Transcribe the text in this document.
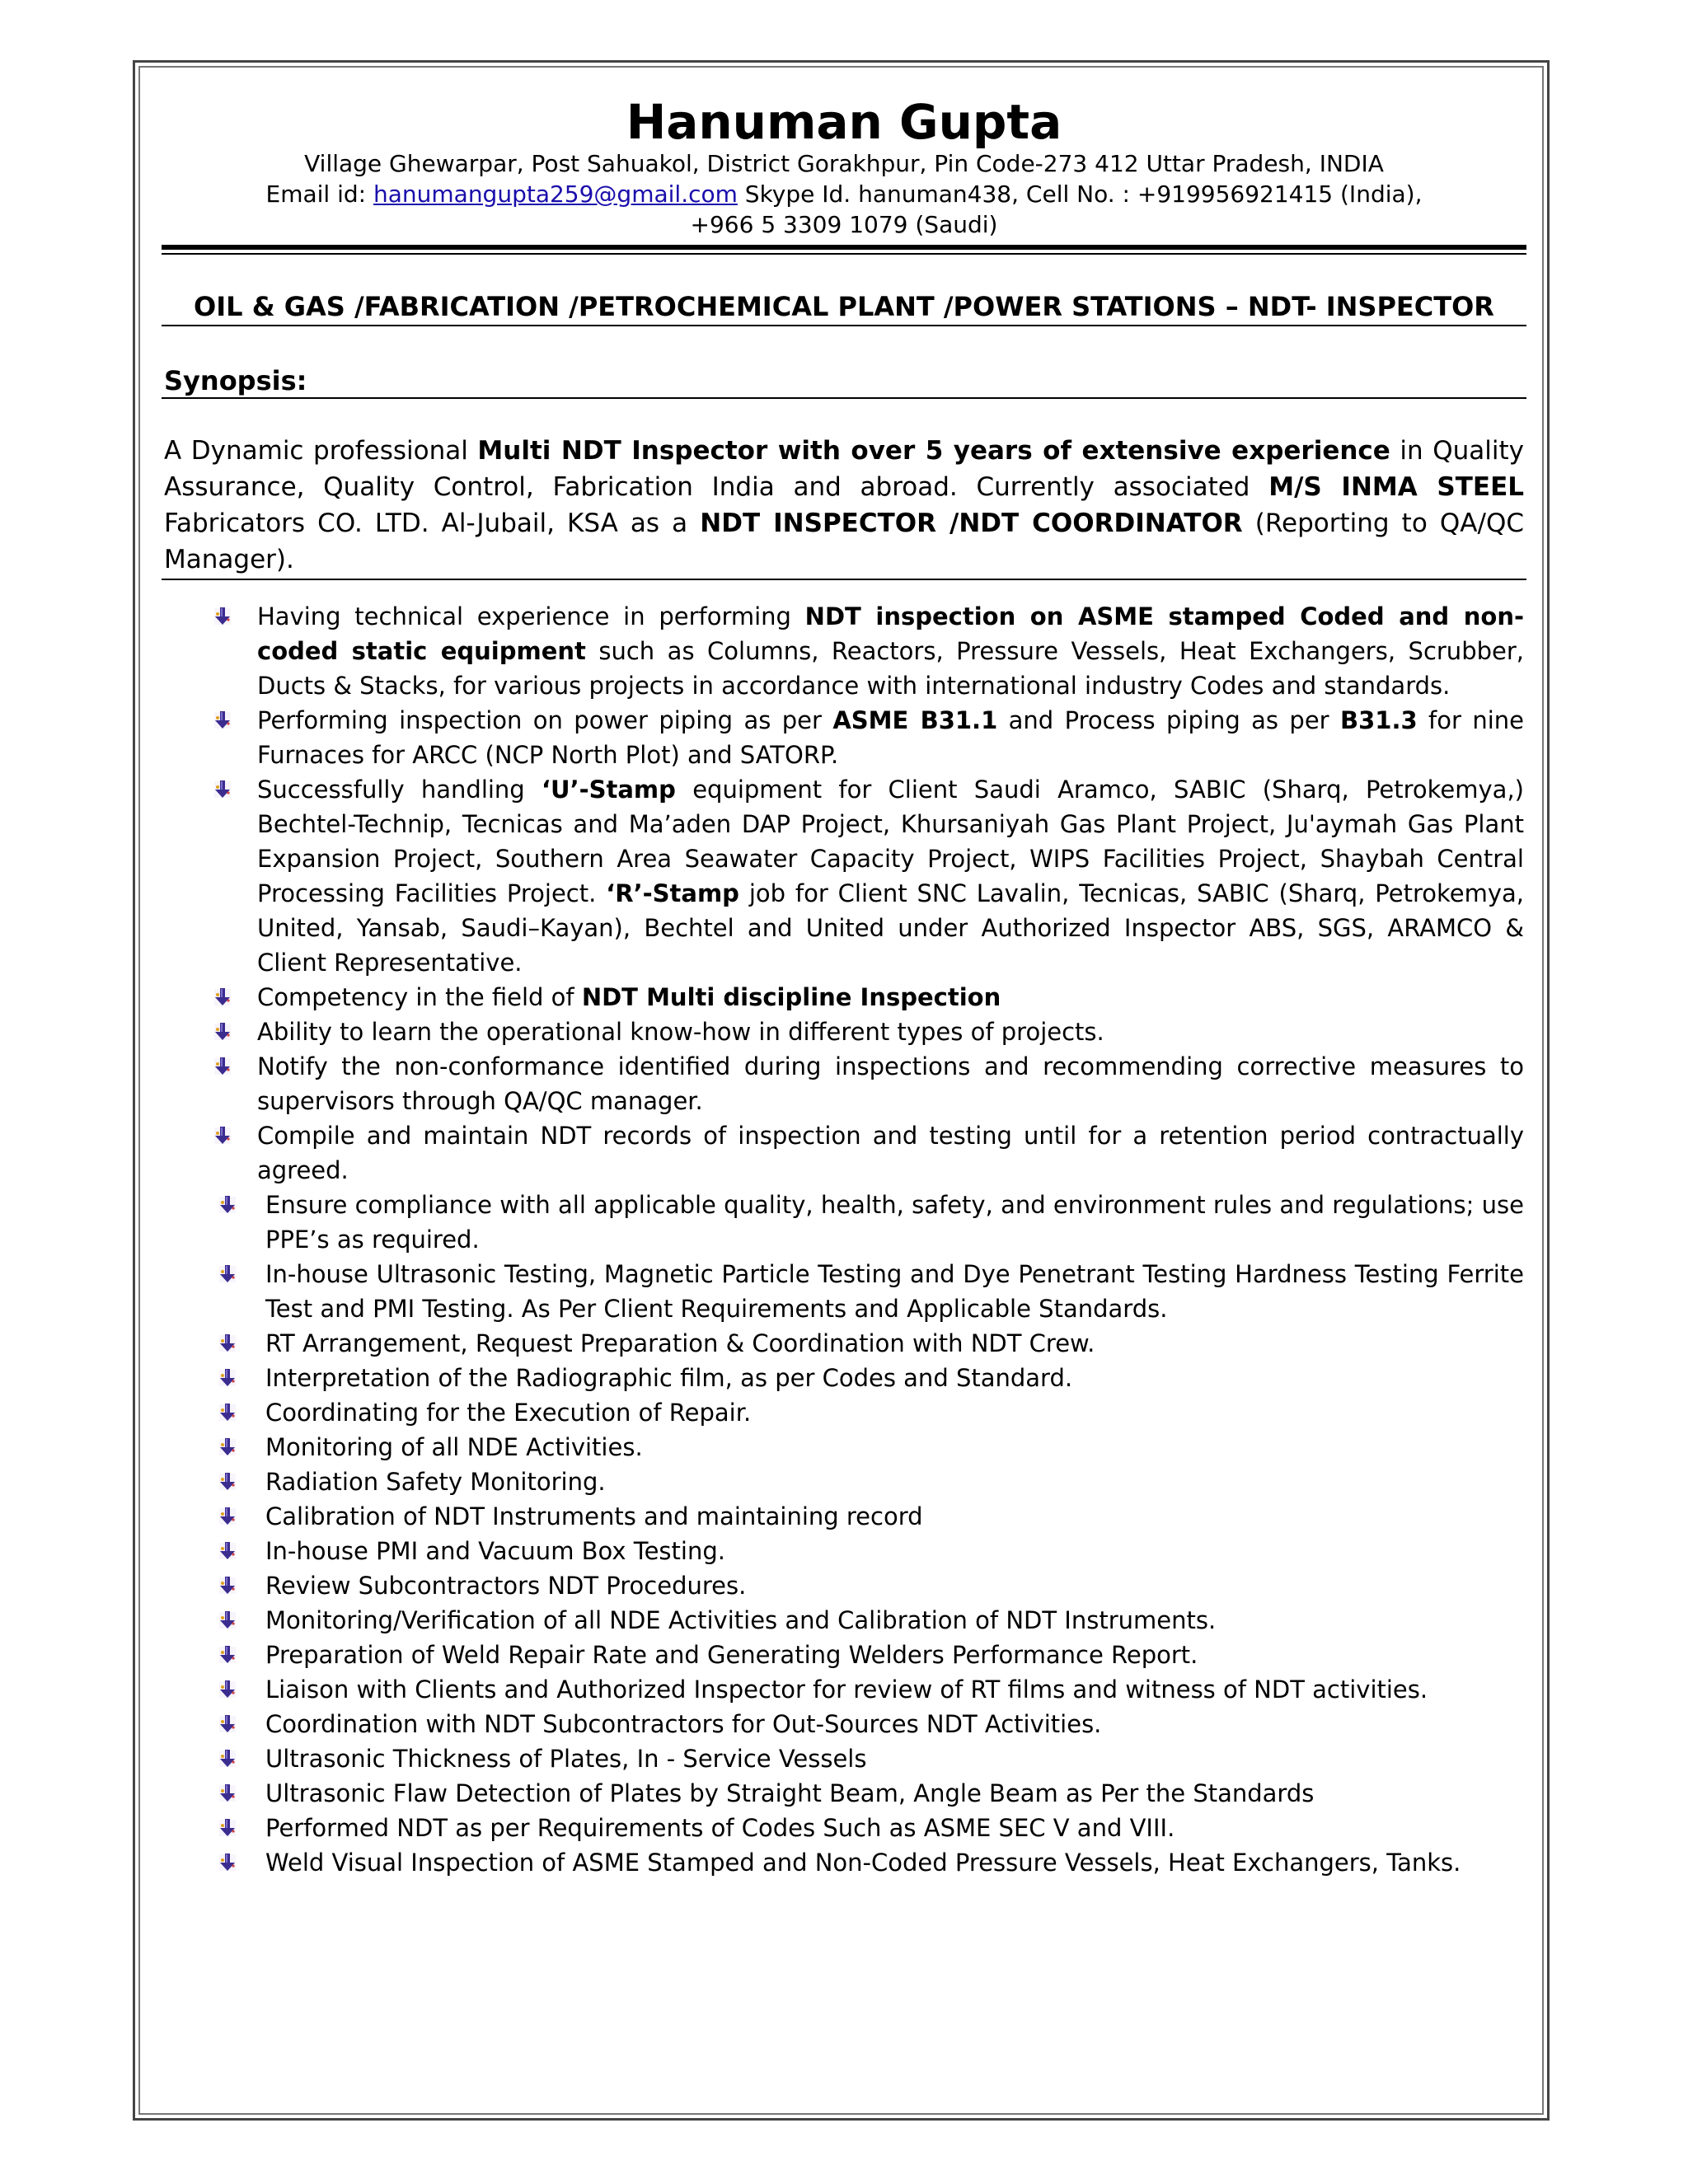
Hanuman Gupta
Village Ghewarpar, Post Sahuakol, District Gorakhpur, Pin Code-273 412 Uttar Pradesh, INDIA
Email id: hanumangupta259@gmail.com Skype Id. hanuman438, Cell No. : +919956921415 (India),
+966 5 3309 1079 (Saudi)
OIL & GAS /FABRICATION /PETROCHEMICAL PLANT /POWER STATIONS – NDT- INSPECTOR
Synopsis:
A Dynamic professional Multi NDT Inspector with over 5 years of extensive experience in Quality Assurance, Quality Control, Fabrication India and abroad. Currently associated M/S INMA STEEL Fabricators CO. LTD. Al-Jubail, KSA as a NDT INSPECTOR /NDT COORDINATOR (Reporting to QA/QC Manager).
Having technical experience in performing NDT inspection on ASME stamped Coded and non-coded static equipment such as Columns, Reactors, Pressure Vessels, Heat Exchangers, Scrubber, Ducts & Stacks, for various projects in accordance with international industry Codes and standards.
Performing inspection on power piping as per ASME B31.1 and Process piping as per B31.3 for nine Furnaces for ARCC (NCP North Plot) and SATORP.
Successfully handling ‘U’-Stamp equipment for Client Saudi Aramco, SABIC (Sharq, Petrokemya,) Bechtel-Technip, Tecnicas and Ma’aden DAP Project, Khursaniyah Gas Plant Project, Ju'aymah Gas Plant Expansion Project, Southern Area Seawater Capacity Project, WIPS Facilities Project, Shaybah Central Processing Facilities Project. ‘R’-Stamp job for Client SNC Lavalin, Tecnicas, SABIC (Sharq, Petrokemya, United, Yansab, Saudi–Kayan), Bechtel and United under Authorized Inspector ABS, SGS, ARAMCO & Client Representative.
Competency in the field of NDT Multi discipline Inspection
Ability to learn the operational know-how in different types of projects.
Notify the non-conformance identified during inspections and recommending corrective measures to supervisors through QA/QC manager.
Compile and maintain NDT records of inspection and testing until for a retention period contractually agreed.
Ensure compliance with all applicable quality, health, safety, and environment rules and regulations; use PPE’s as required.
In-house Ultrasonic Testing, Magnetic Particle Testing and Dye Penetrant Testing Hardness Testing Ferrite Test and PMI Testing. As Per Client Requirements and Applicable Standards.
RT Arrangement, Request Preparation & Coordination with NDT Crew.
Interpretation of the Radiographic film, as per Codes and Standard.
Coordinating for the Execution of Repair.
Monitoring of all NDE Activities.
Radiation Safety Monitoring.
Calibration of NDT Instruments and maintaining record
In-house PMI and Vacuum Box Testing.
Review Subcontractors NDT Procedures.
Monitoring/Verification of all NDE Activities and Calibration of NDT Instruments.
Preparation of Weld Repair Rate and Generating Welders Performance Report.
Liaison with Clients and Authorized Inspector for review of RT films and witness of NDT activities.
Coordination with NDT Subcontractors for Out-Sources NDT Activities.
Ultrasonic Thickness of Plates, In - Service Vessels
Ultrasonic Flaw Detection of Plates by Straight Beam, Angle Beam as Per the Standards
Performed NDT as per Requirements of Codes Such as ASME SEC V and VIII.
Weld Visual Inspection of ASME Stamped and Non-Coded Pressure Vessels, Heat Exchangers, Tanks.
